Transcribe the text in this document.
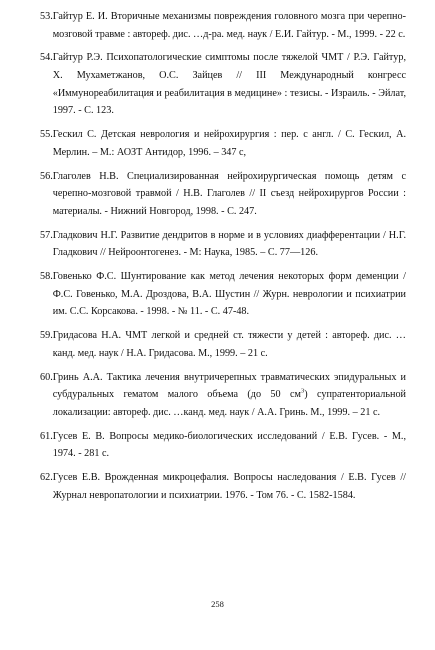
53. Гайтур Е. И. Вторичные механизмы повреждения головного мозга при черепно-мозговой травме : автореф. дис. …д-ра. мед. наук / Е.И. Гайтур. - М., 1999. - 22 с.
54. Гайтур Р.Э. Психопатологические симптомы после тяжелой ЧМТ / Р.Э. Гайтур, Х. Мухаметжанов, О.С. Зайцев // III Международный конгресс «Иммунореабилитация и реабилитация в медицине» : тезисы. - Израиль. - Эйлат, 1997. - С. 123.
55. Гескил С. Детская неврология и нейрохирургия : пер. с англ. / С. Гескил, А. Мерлин. – М.: АОЗТ Антидор, 1996. – 347 с,
56. Глаголев Н.В. Специализированная нейрохирургическая помощь детям с черепно-мозговой травмой / Н.В. Глаголев // II съезд нейрохирургов России : материалы. - Нижний Новгород, 1998. - С. 247.
57. Гладкович Н.Г. Развитие дендритов в норме и в условиях диафферентации / Н.Г. Гладкович // Нейроонтогенез. - М: Наука, 1985. – С. 77—126.
58. Говенько Ф.С. Шунтирование как метод лечения некоторых форм деменции / Ф.С. Говенько, М.А. Дроздова, В.А. Шустин // Журн. неврологии и психиатрии им. С.С. Корсакова. - 1998. - № 11. - С. 47-48.
59. Гридасова Н.А. ЧМТ легкой и средней ст. тяжести у детей : автореф. дис. …канд. мед. наук / Н.А. Гридасова. М., 1999. – 21 с.
60. Гринь А.А. Тактика лечения внутричерепных травматических эпидуральных и субдуральных гематом малого объема (до 50 $см^3$) супратенториальной локализации: автореф. дис. …канд. мед. наук / А.А. Гринь. М., 1999. – 21 с.
61. Гусев Е. В. Вопросы медико-биологических исследований / Е.В. Гусев. - М., 1974. - 281 с.
62. Гусев Е.В. Врожденная микроцефалия. Вопросы наследования / Е.В. Гусев // Журнал невропатологии и психиатрии. 1976. - Том 76. - С. 1582-1584.
258
